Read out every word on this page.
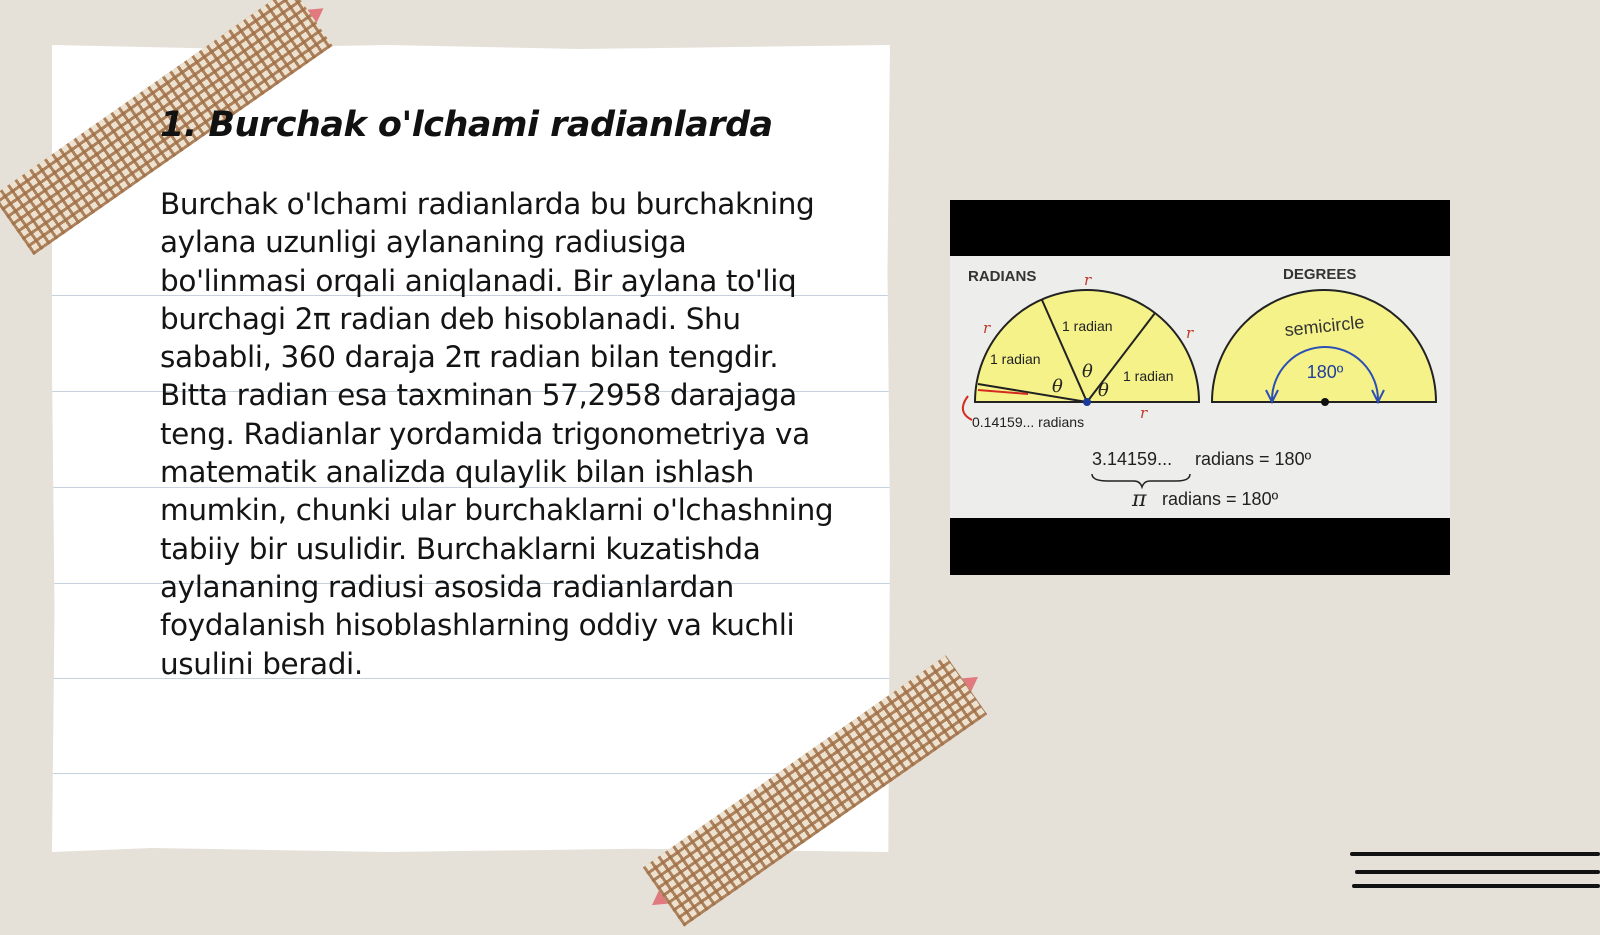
1. Burchak o'lchami radianlarda

Burchak o'lchami radianlarda bu burchakning aylana uzunligi aylananing radiusiga bo'linmasi orqali aniqlanadi. Bir aylana to'liq burchagi 2π radian deb hisoblanadi. Shu sababli, 360 daraja 2π radian bilan tengdir. Bitta radian esa taxminan 57,2958 darajaga teng. Radianlar yordamida trigonometriya va matematik analizda qulaylik bilan ishlash mumkin, chunki ular burchaklarni o'lchashning tabiiy bir usulidir. Burchaklarni kuzatishda aylananing radiusi asosida radianlardan foydalanish hisoblashlarning oddiy va kuchli usulini beradi.

RADIANS	DEGREES
r
r	r
r
1 radian
1 radian
1 radian
θ
θ
θ
0.14159... radians
semicircle
180º
3.14159... radians = 180º
π radians = 180º
